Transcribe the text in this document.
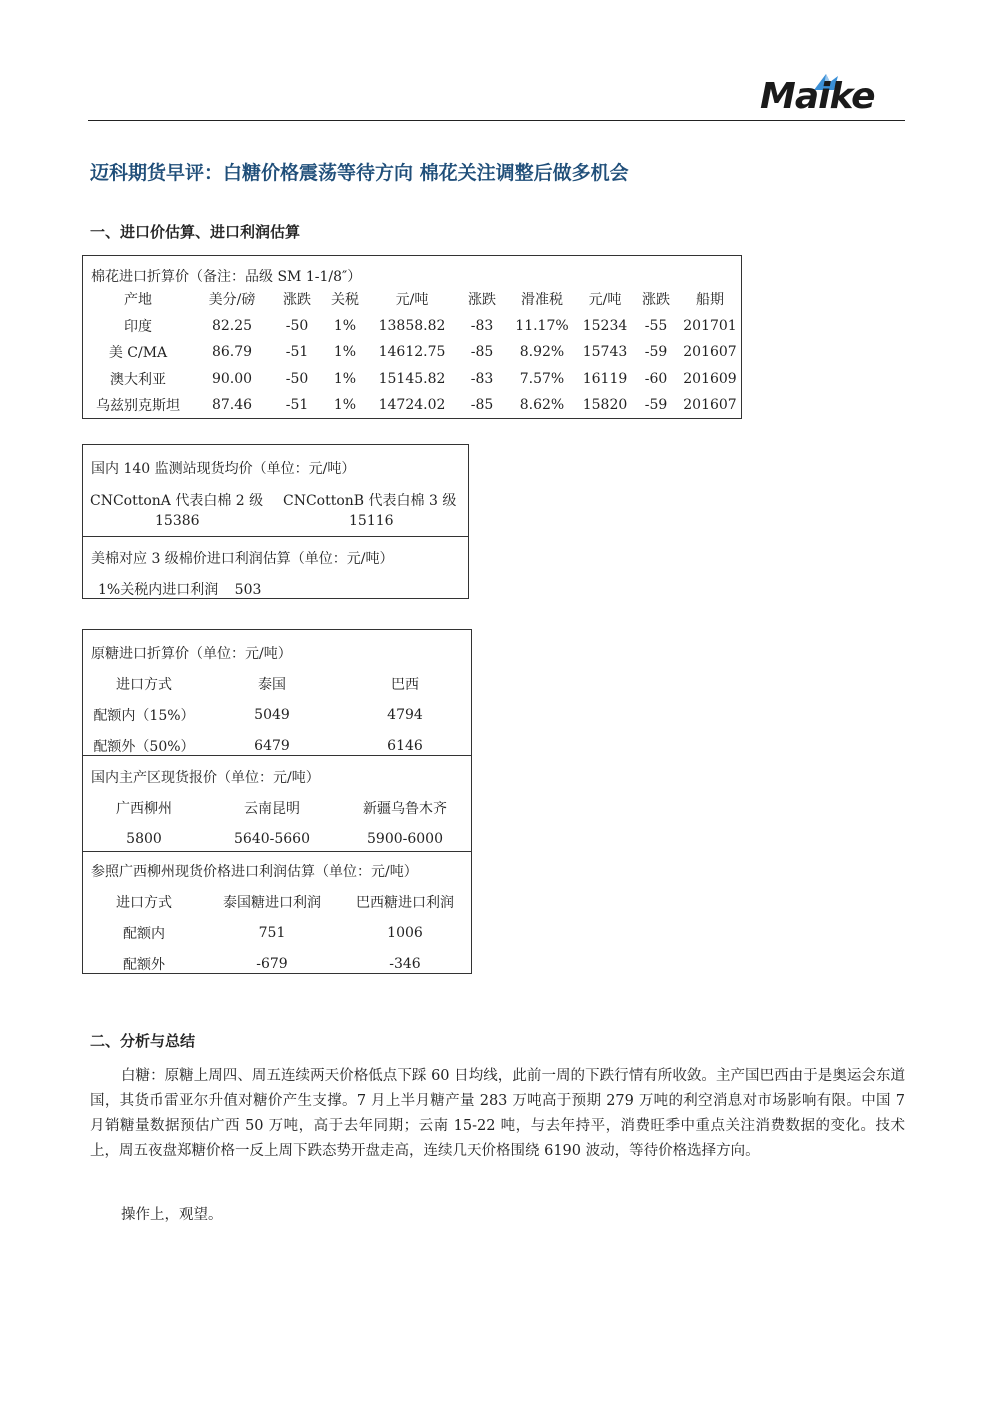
Maike
迈科期货早评：白糖价格震荡等待方向 棉花关注调整后做多机会
一、进口价估算、进口利润估算
棉花进口折算价（备注：品级 SM 1-1/8″）
产地	美分/磅	涨跌	关税	元/吨	涨跌	滑准税	元/吨	涨跌	船期
印度	82.25	-50	1%	13858.82	-83	11.17%	15234	-55	201701
美 C/MA	86.79	-51	1%	14612.75	-85	8.92%	15743	-59	201607
澳大利亚	90.00	-50	1%	15145.82	-83	7.57%	16119	-60	201609
乌兹别克斯坦	87.46	-51	1%	14724.02	-85	8.62%	15820	-59	201607
国内 140 监测站现货均价（单位：元/吨）
CNCottonA 代表白棉 2 级
15386
CNCottonB 代表白棉 3 级
15116
美棉对应 3 级棉价进口利润估算（单位：元/吨）
1%关税内进口利润 503
原糖进口折算价（单位：元/吨）
进口方式	泰国	巴西
配额内（15%）	5049	4794
配额外（50%）	6479	6146
国内主产区现货报价（单位：元/吨）
广西柳州	云南昆明	新疆乌鲁木齐
5800	5640-5660	5900-6000
参照广西柳州现货价格进口利润估算（单位：元/吨）
进口方式	泰国糖进口利润	巴西糖进口利润
配额内	751	1006
配额外	-679	-346
二、分析与总结
白糖：原糖上周四、周五连续两天价格低点下踩 60 日均线，此前一周的下跌行情有所收敛。主产国巴西由于是奥运会东道国，其货币雷亚尔升值对糖价产生支撑。7 月上半月糖产量 283 万吨高于预期 279 万吨的利空消息对市场影响有限。中国 7 月销糖量数据预估广西 50 万吨，高于去年同期；云南 15-22 吨，与去年持平，消费旺季中重点关注消费数据的变化。技术上，周五夜盘郑糖价格一反上周下跌态势开盘走高，连续几天价格围绕 6190 波动，等待价格选择方向。
操作上，观望。
